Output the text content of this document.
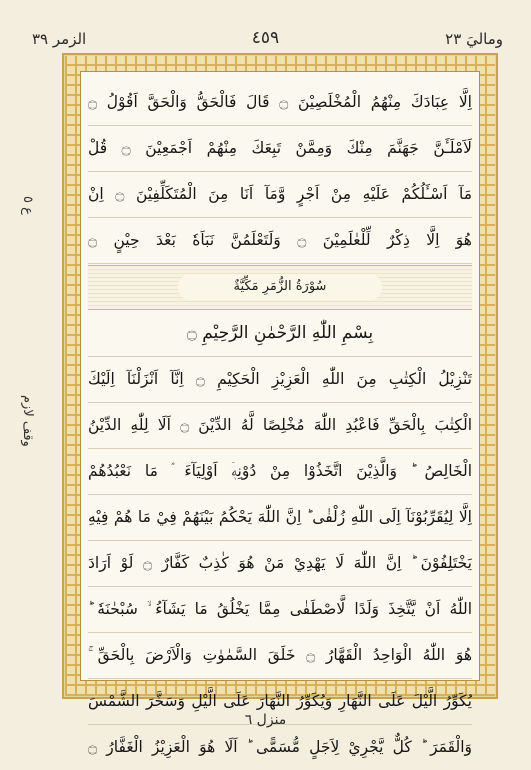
وماليَ ٢٣
٤٥٩
الزمر ٣٩
ع ٥
وقف لازم
اِلَّا عِبَادَكَ مِنْهُمُ الْمُخْلَصِيْنَ ۝ قَالَ فَالْحَقُّ وَالْحَقَّ اَقُوْلُ ۝
لَاَمْلَـَٔنَّ جَهَنَّمَ مِنْكَ وَمِمَّنْ تَبِعَكَ مِنْهُمْ اَجْمَعِيْنَ ۝ قُلْ
مَآ اَسْـَٔلُكُمْ عَلَيْهِ مِنْ اَجْرٍ وَّمَآ اَنَا مِنَ الْمُتَكَلِّفِيْنَ ۝ اِنْ
هُوَ اِلَّا ذِكْرٌ لِّلْعٰلَمِيْنَ ۝ وَلَتَعْلَمُنَّ نَبَاَهٗ بَعْدَ حِيْنٍ ۝
سُوْرَةُ الزُّمَرِ مَكِّيَّةٌ
بِسْمِ اللّٰهِ الرَّحْمٰنِ الرَّحِيْمِ ۝
تَنْزِيْلُ الْكِتٰبِ مِنَ اللّٰهِ الْعَزِيْزِ الْحَكِيْمِ ۝ اِنَّآ اَنْزَلْنَآ اِلَيْكَ
الْكِتٰبَ بِالْحَقِّ فَاعْبُدِ اللّٰهَ مُخْلِصًا لَّهُ الدِّيْنَ ۝ اَلَا لِلّٰهِ الدِّيْنُ
الْخَالِصُ ؕ وَالَّذِيْنَ اتَّخَذُوْا مِنْ دُوْنِهٖۤ اَوْلِيَآءَ ۘ مَا نَعْبُدُهُمْ
اِلَّا لِيُقَرِّبُوْنَآ اِلَى اللّٰهِ زُلْفٰى ؕ اِنَّ اللّٰهَ يَحْكُمُ بَيْنَهُمْ فِيْ مَا هُمْ فِيْهِ
يَخْتَلِفُوْنَ ؕ اِنَّ اللّٰهَ لَا يَهْدِيْ مَنْ هُوَ كٰذِبٌ كَفَّارٌ ۝ لَوْ اَرَادَ
اللّٰهُ اَنْ يَّتَّخِذَ وَلَدًا لَّاصْطَفٰى مِمَّا يَخْلُقُ مَا يَشَآءُ ۙ سُبْحٰنَهٗ ؕ
هُوَ اللّٰهُ الْوَاحِدُ الْقَهَّارُ ۝ خَلَقَ السَّمٰوٰتِ وَالْاَرْضَ بِالْحَقِّ ۚ
يُكَوِّرُ الَّيْلَ عَلَى النَّهَارِ وَيُكَوِّرُ النَّهَارَ عَلَى الَّيْلِ وَسَخَّرَ الشَّمْسَ
وَالْقَمَرَ ؕ كُلٌّ يَّجْرِيْ لِاَجَلٍ مُّسَمًّى ؕ اَلَا هُوَ الْعَزِيْزُ الْغَفَّارُ ۝
منزل ٦
